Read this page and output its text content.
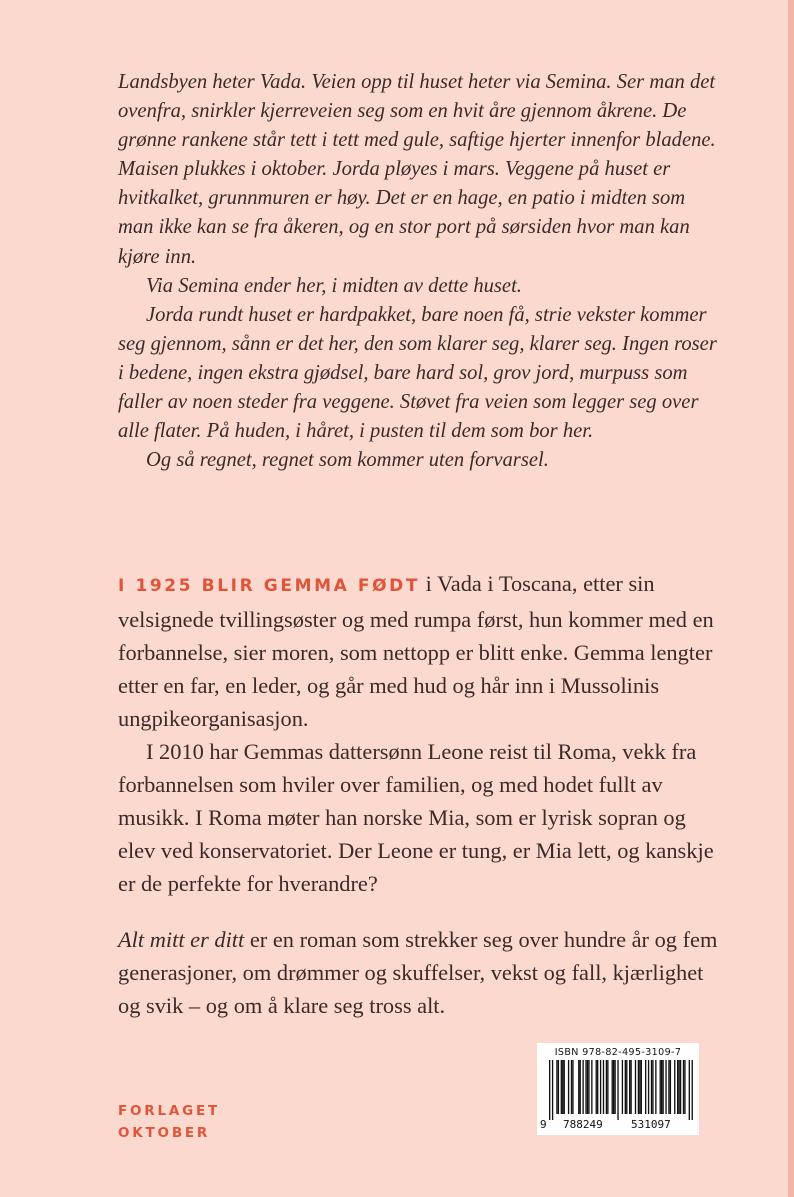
Landsbyen heter Vada. Veien opp til huset heter via Semina. Ser man det ovenfra, snirkler kjerreveien seg som en hvit åre gjennom åkrene. De grønne rankene står tett i tett med gule, saftige hjerter innenfor bladene. Maisen plukkes i oktober. Jorda pløyes i mars. Veggene på huset er hvitkalket, grunnmuren er høy. Det er en hage, en patio i midten som man ikke kan se fra åkeren, og en stor port på sørsiden hvor man kan kjøre inn.

Via Semina ender her, i midten av dette huset.

Jorda rundt huset er hardpakket, bare noen få, strie vekster kommer seg gjennom, sånn er det her, den som klarer seg, klarer seg. Ingen roser i bedene, ingen ekstra gjødsel, bare hard sol, grov jord, murpuss som faller av noen steder fra veggene. Støvet fra veien som legger seg over alle flater. På huden, i håret, i pusten til dem som bor her.

Og så regnet, regnet som kommer uten forvarsel.

I 1925 BLIR GEMMA FØDT i Vada i Toscana, etter sin velsignede tvillingsøster og med rumpa først, hun kommer med en forbannelse, sier moren, som nettopp er blitt enke. Gemma lengter etter en far, en leder, og går med hud og hår inn i Mussolinis ungpikeorganisasjon.

I 2010 har Gemmas dattersønn Leone reist til Roma, vekk fra forbannelsen som hviler over familien, og med hodet fullt av musikk. I Roma møter han norske Mia, som er lyrisk sopran og elev ved konservatoriet. Der Leone er tung, er Mia lett, og kanskje er de perfekte for hverandre?

Alt mitt er ditt er en roman som strekker seg over hundre år og fem generasjoner, om drømmer og skuffelser, vekst og fall, kjærlighet og svik – og om å klare seg tross alt.

FORLAGET
OKTOBER
ISBN 978-82-495-3109-7
9 788249	531097
